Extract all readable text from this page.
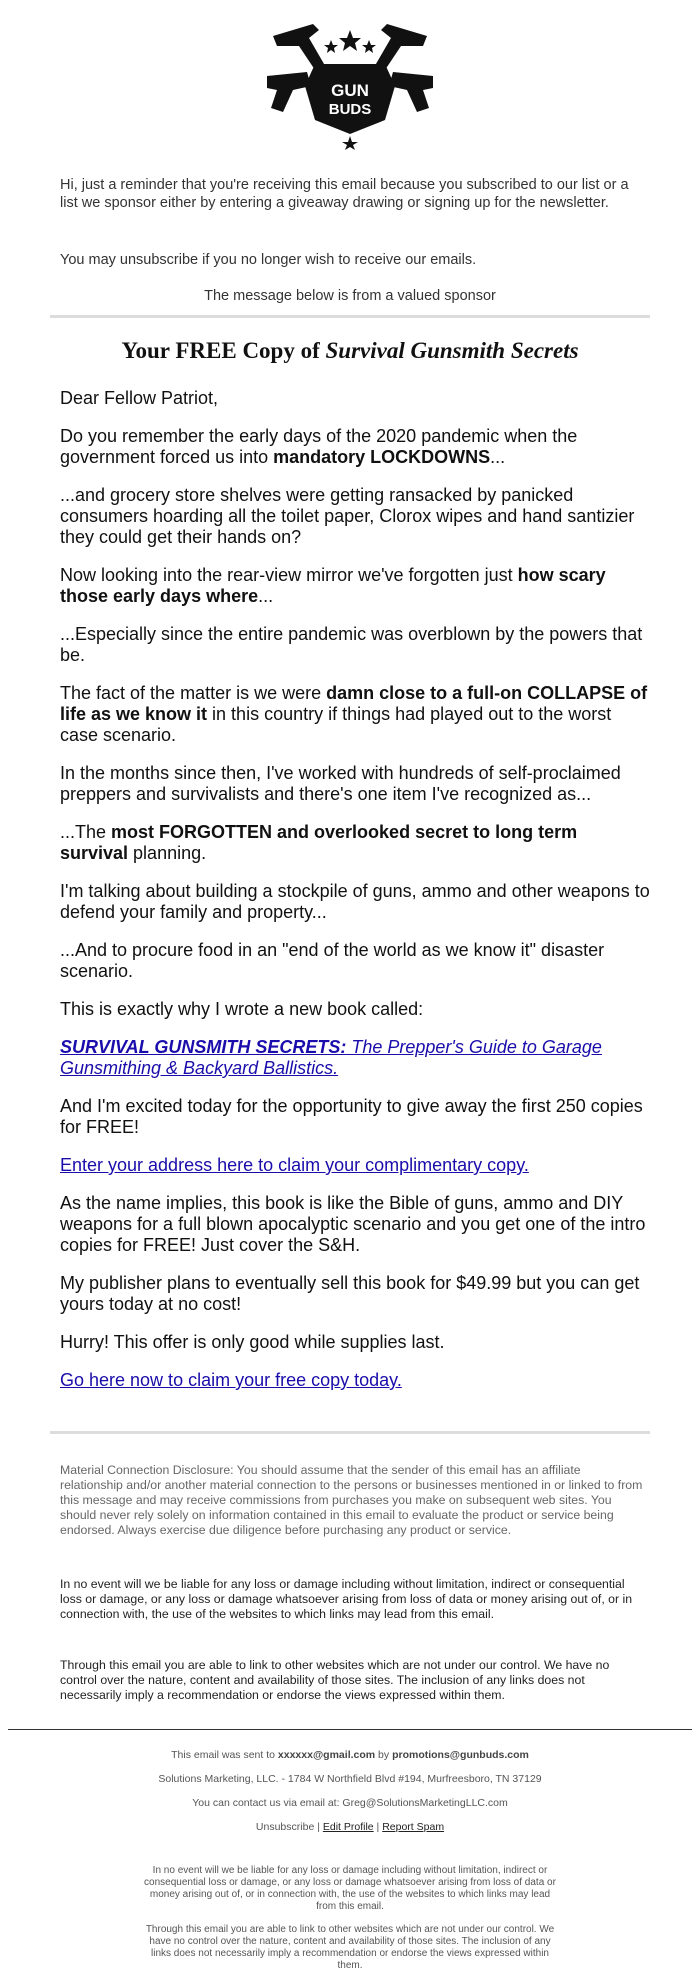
GUN
BUDS

Hi, just a reminder that you're receiving this email because you subscribed to our list or a list we sponsor either by entering a giveaway drawing or signing up for the newsletter.

You may unsubscribe if you no longer wish to receive our emails.

The message below is from a valued sponsor

Your FREE Copy of Survival Gunsmith Secrets

Dear Fellow Patriot,

Do you remember the early days of the 2020 pandemic when the government forced us into mandatory LOCKDOWNS...

...and grocery store shelves were getting ransacked by panicked consumers hoarding all the toilet paper, Clorox wipes and hand santizier they could get their hands on?

Now looking into the rear-view mirror we've forgotten just how scary those early days where...

...Especially since the entire pandemic was overblown by the powers that be.

The fact of the matter is we were damn close to a full-on COLLAPSE of life as we know it in this country if things had played out to the worst case scenario.

In the months since then, I've worked with hundreds of self-proclaimed preppers and survivalists and there's one item I've recognized as...

...The most FORGOTTEN and overlooked secret to long term survival planning.

I'm talking about building a stockpile of guns, ammo and other weapons to defend your family and property...

...And to procure food in an "end of the world as we know it" disaster scenario.

This is exactly why I wrote a new book called:

SURVIVAL GUNSMITH SECRETS: The Prepper's Guide to Garage Gunsmithing & Backyard Ballistics.

And I'm excited today for the opportunity to give away the first 250 copies for FREE!

Enter your address here to claim your complimentary copy.

As the name implies, this book is like the Bible of guns, ammo and DIY weapons for a full blown apocalyptic scenario and you get one of the intro copies for FREE! Just cover the S&H.

My publisher plans to eventually sell this book for $49.99 but you can get yours today at no cost!

Hurry! This offer is only good while supplies last.

Go here now to claim your free copy today.

Material Connection Disclosure: You should assume that the sender of this email has an affiliate relationship and/or another material connection to the persons or businesses mentioned in or linked to from this message and may receive commissions from purchases you make on subsequent web sites. You should never rely solely on information contained in this email to evaluate the product or service being endorsed. Always exercise due diligence before purchasing any product or service.

In no event will we be liable for any loss or damage including without limitation, indirect or consequential loss or damage, or any loss or damage whatsoever arising from loss of data or money arising out of, or in connection with, the use of the websites to which links may lead from this email.

Through this email you are able to link to other websites which are not under our control. We have no control over the nature, content and availability of those sites. The inclusion of any links does not necessarily imply a recommendation or endorse the views expressed within them.

This email was sent to xxxxxx@gmail.com by promotions@gunbuds.com

Solutions Marketing, LLC. - 1784 W Northfield Blvd #194, Murfreesboro, TN 37129

You can contact us via email at: Greg@SolutionsMarketingLLC.com

Unsubscribe | Edit Profile | Report Spam

In no event will we be liable for any loss or damage including without limitation, indirect or consequential loss or damage, or any loss or damage whatsoever arising from loss of data or money arising out of, or in connection with, the use of the websites to which links may lead from this email.

Through this email you are able to link to other websites which are not under our control. We have no control over the nature, content and availability of those sites. The inclusion of any links does not necessarily imply a recommendation or endorse the views expressed within them.
